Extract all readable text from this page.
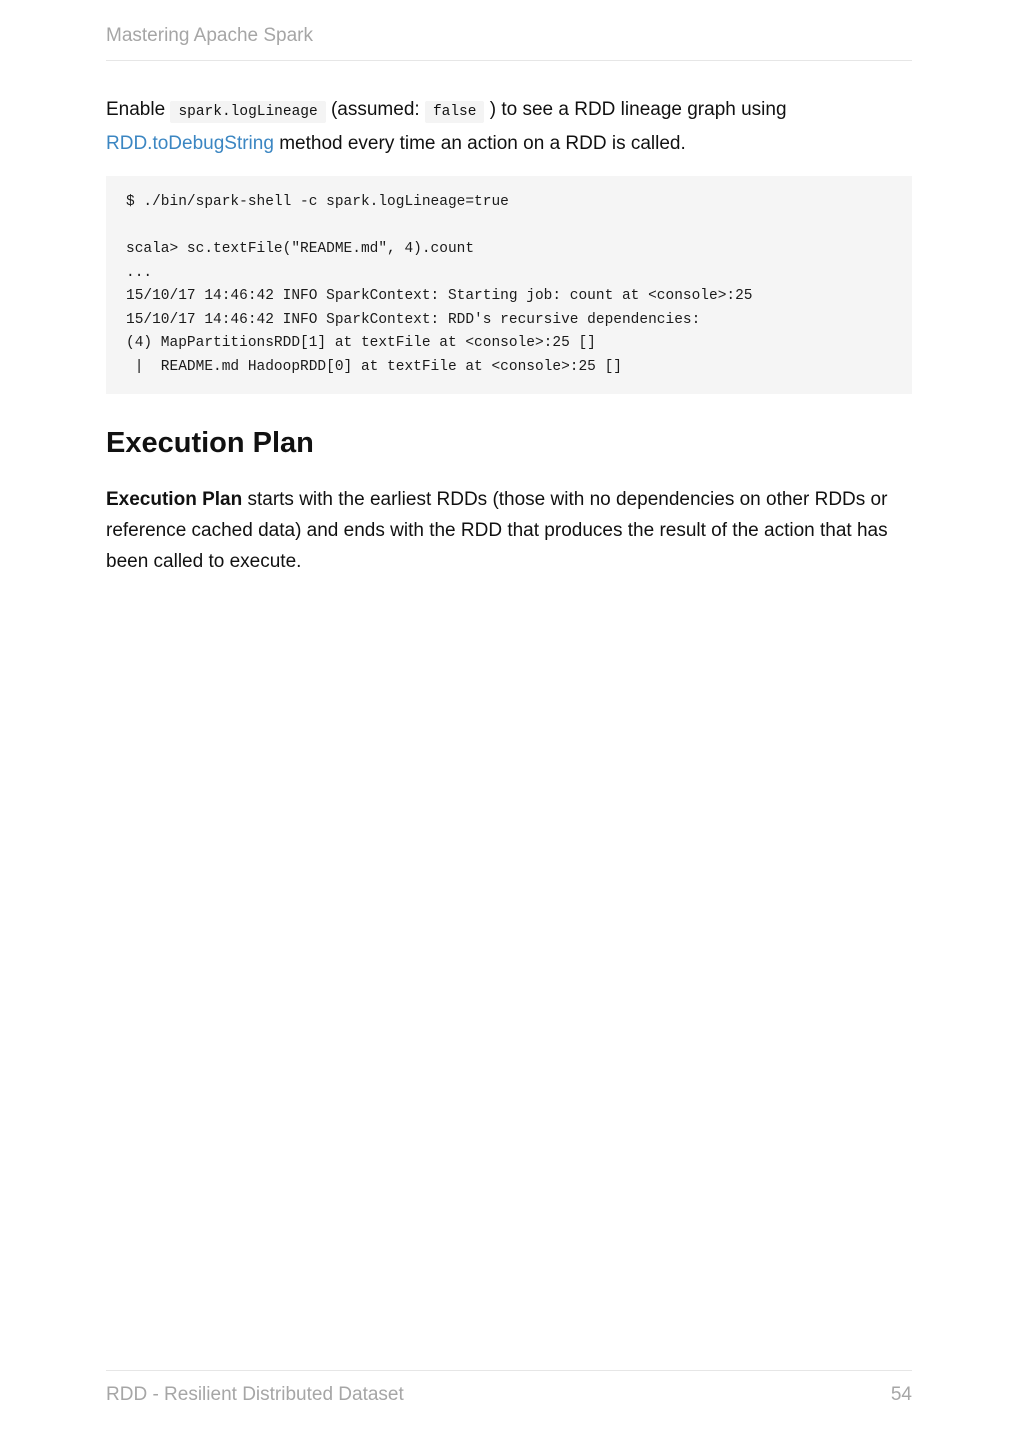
Mastering Apache Spark

Enable spark.logLineage (assumed: false ) to see a RDD lineage graph using
RDD.toDebugString method every time an action on a RDD is called.

$ ./bin/spark-shell -c spark.logLineage=true
scala> sc.textFile("README.md", 4).count
...
15/10/17 14:46:42 INFO SparkContext: Starting job: count at <console>:25
15/10/17 14:46:42 INFO SparkContext: RDD's recursive dependencies:
(4) MapPartitionsRDD[1] at textFile at <console>:25 []
|  README.md HadoopRDD[0] at textFile at <console>:25 []
Execution Plan

Execution Plan starts with the earliest RDDs (those with no dependencies on other RDDs or reference cached data) and ends with the RDD that produces the result of the action that has been called to execute.

RDD - Resilient Distributed Dataset	54
